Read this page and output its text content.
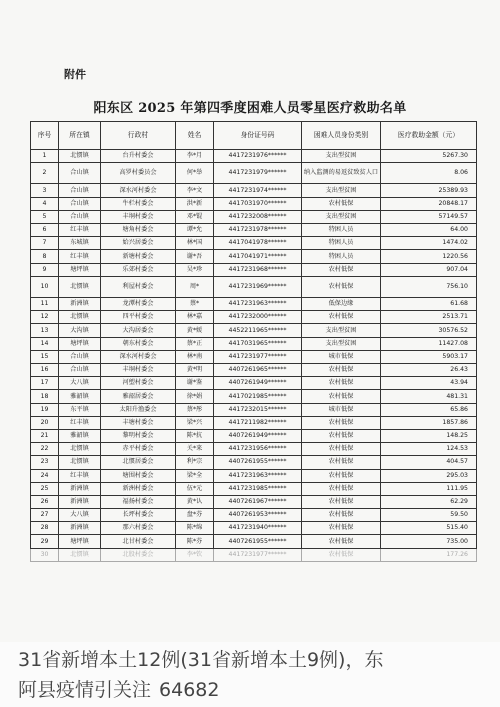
附件
阳东区 2025 年第四季度困难人员零星医疗救助名单
序号	所在镇	行政村	姓名	身份证号码	困难人员身份类别	医疗救助金额（元）
1	北惯镇	台升村委会	李*月	4417231976******	支出型贫困	5267.30
2	合山镇	高罗村委员会	何*举	4417231979******	纳入监测的易返贫致贫人口	8.06
3	合山镇	深水河村委会	李*文	4417231974******	支出型贫困	25389.93
4	合山镇	牛栏村委会	洪*新	4417031970******	农村低保	20848.17
5	合山镇	丰垌村委会	邓*锟	4417232008******	支出型贫困	57149.57
6	红丰镇	塘角村委会	谭*允	4417231978******	特困人员	64.00
7	东城镇	始兴居委会	林*国	4417041978******	特困人员	1474.02
8	红丰镇	新塘村委会	谢*吾	4417041971******	特困人员	1220.56
9	塘坪镇	乐郊村委会	吴*珍	4417231968******	农村低保	907.04
10	北惯镇	利屋村委会	周*	4417231969******	农村低保	756.10
11	新洲镇	龙潭村委会	蔡*	4417231963******	低保边缘	61.68
12	北惯镇	四平村委会	林*嘉	4417232000******	农村低保	2513.71
13	大沟镇	大沟居委会	黄*嫒	4452211965******	支出型贫困	30576.52
14	塘坪镇	朝东村委会	蔡*正	4417031965******	支出型贫困	11427.08
15	合山镇	深水河村委会	林*南	4417231977******	城市低保	5903.17
16	合山镇	丰垌村委会	黄*明	4407261965******	农村低保	26.43
17	大八镇	河塱村委会	谢*鉴	4407261949******	农村低保	43.94
18	雅韶镇	雅韶居委会	徐*娟	4417021985******	农村低保	481.31
19	东平镇	太阳升渔委会	蔡*彤	4417232015******	城市低保	65.86
20	红丰镇	丰塘村委会	梁*兴	4417211982******	农村低保	1857.86
21	雅韶镇	黎明村委会	陈*抗	4407261949******	农村低保	148.25
22	北惯镇	赤平村委会	关*来	4417231956******	农村低保	124.53
23	北惯镇	北惯居委会	利*宗	4407261955******	农村低保	404.57
24	红丰镇	塘围村委会	梁*全	4417231963******	农村低保	295.03
25	新洲镇	新洲村委会	伍*元	4417231985******	农村低保	111.95
26	新洲镇	福扬村委会	黄*认	4407261967******	农村低保	62.29
27	大八镇	长坪村委会	盘*芬	4407261953******	农村低保	59.50
28	新洲镇	那六村委会	陈*绵	4417231940******	农村低保	515.40
29	塘坪镇	北甘村委会	陈*芬	4407261955******	农村低保	735.00
30	北惯镇	北股村委会	李*钦	4417231977******	农村低保	177.26
31省新增本土12例(31省新增本土9例)，东
阿县疫情引关注 64682
